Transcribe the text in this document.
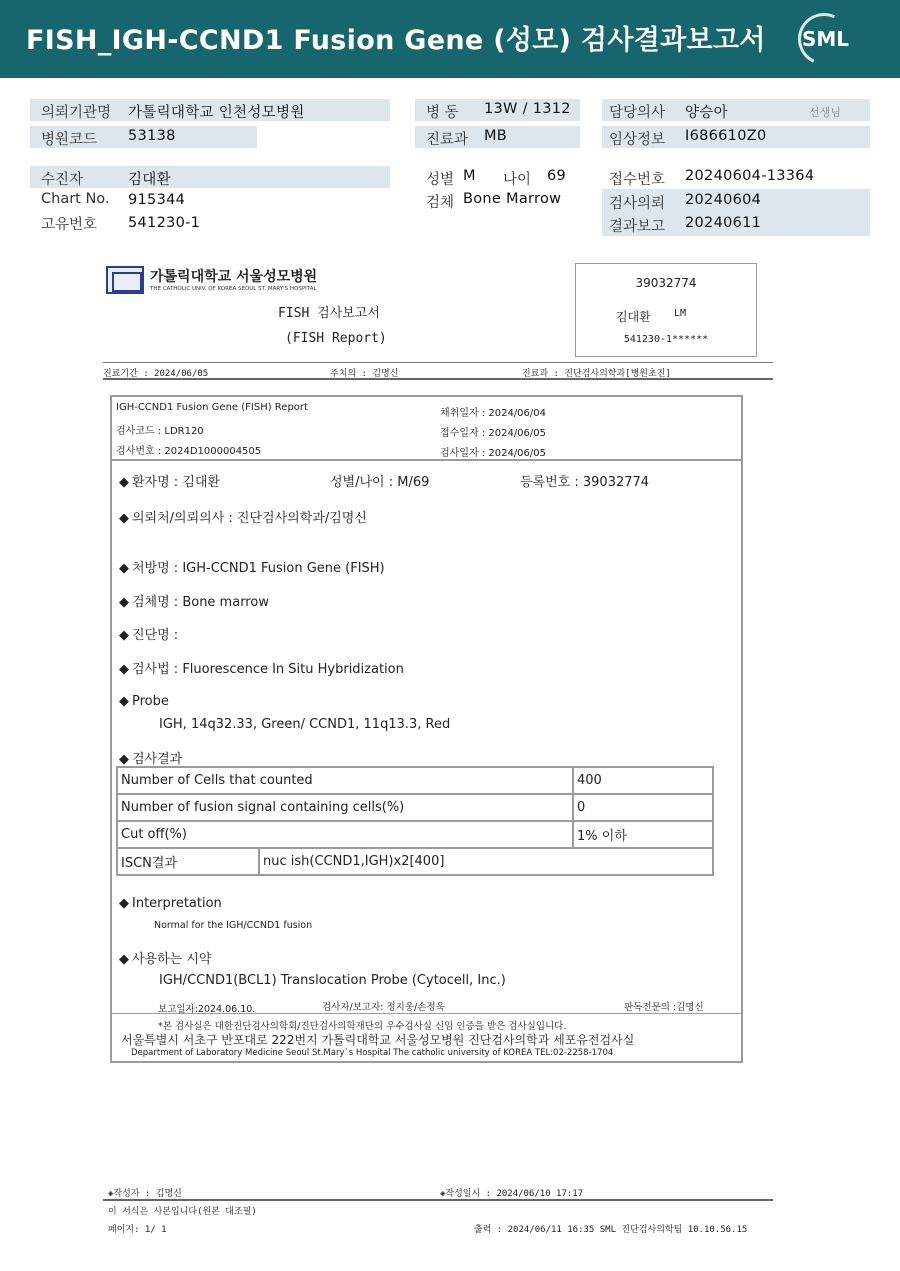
FISH_IGH-CCND1 Fusion Gene (성모) 검사결과보고서 SML
의뢰기관명 가톨릭대학교 인천성모병원
병원코드 53138
병 동 13W / 1312
진료과 MB
담당의사 양승아	선생님
임상정보 I686610Z0
수진자	김대환
Chart No. 915344
고유번호 541230-1
성별 M 나이 69
검체 Bone Marrow
접수번호 20240604-13364
검사의뢰 20240604
결과보고 20240611
가톨릭대학교 서울성모병원
THE CATHOLIC UNIV. OF KOREA SEOUL ST. MARY'S HOSPITAL
FISH 검사보고서
(FISH Report)
39032774
김대환 LM
541230-1******
진료기간 : 2024/06/05	주치의 : 김명신	진료과 : 진단검사의학과[병원초진]
IGH-CCND1 Fusion Gene (FISH) Report
검사코드 : LDR120
검사번호 : 2024D1000004505
채취일자 : 2024/06/04
접수일자 : 2024/06/05
검사일자 : 2024/06/05
◆ 환자명 : 김대환	성별/나이 : M/69	등록번호 : 39032774
◆ 의뢰처/의뢰의사 : 진단검사의학과/김명신
◆ 처방명 : IGH-CCND1 Fusion Gene (FISH)
◆ 검체명 : Bone marrow
◆ 진단명 :
◆ 검사법 : Fluorescence In Situ Hybridization
◆ Probe
IGH, 14q32.33, Green/ CCND1, 11q13.3, Red
◆ 검사결과
◆ Interpretation
Normal for the IGH/CCND1 fusion
◆ 사용하는 시약
IGH/CCND1(BCL1) Translocation Probe (Cytocell, Inc.)
보고일자:2024.06.10.	검사자/보고자: 정지웅/손정욱	판독전문의 :김명신
*본 검사실은 대한진단검사의학회/진단검사의학재단의 우수검사실 신임 인증을 받은 검사실입니다.
서울특별시 서초구 반포대로 222번지 가톨릭대학교 서울성모병원 진단검사의학과 세포유전검사실
Department of Laboratory Medicine Seoul St.Mary`s Hospital The catholic university of KOREA TEL:02-2258-1704
Number of Cells that counted		400
Number of fusion signal containing cells(%)		0
Cut off(%)		1% 이하
ISCN결과	nuc ish(CCND1,IGH)x2[400]	
◈작성자 : 김명신	◈작성일시 : 2024/06/10 17:17
이 서식은 사본입니다(원본 대조필)
페이지: 1/ 1	출력 : 2024/06/11 16:35 SML 진단검사의학팀 10.10.56.15
